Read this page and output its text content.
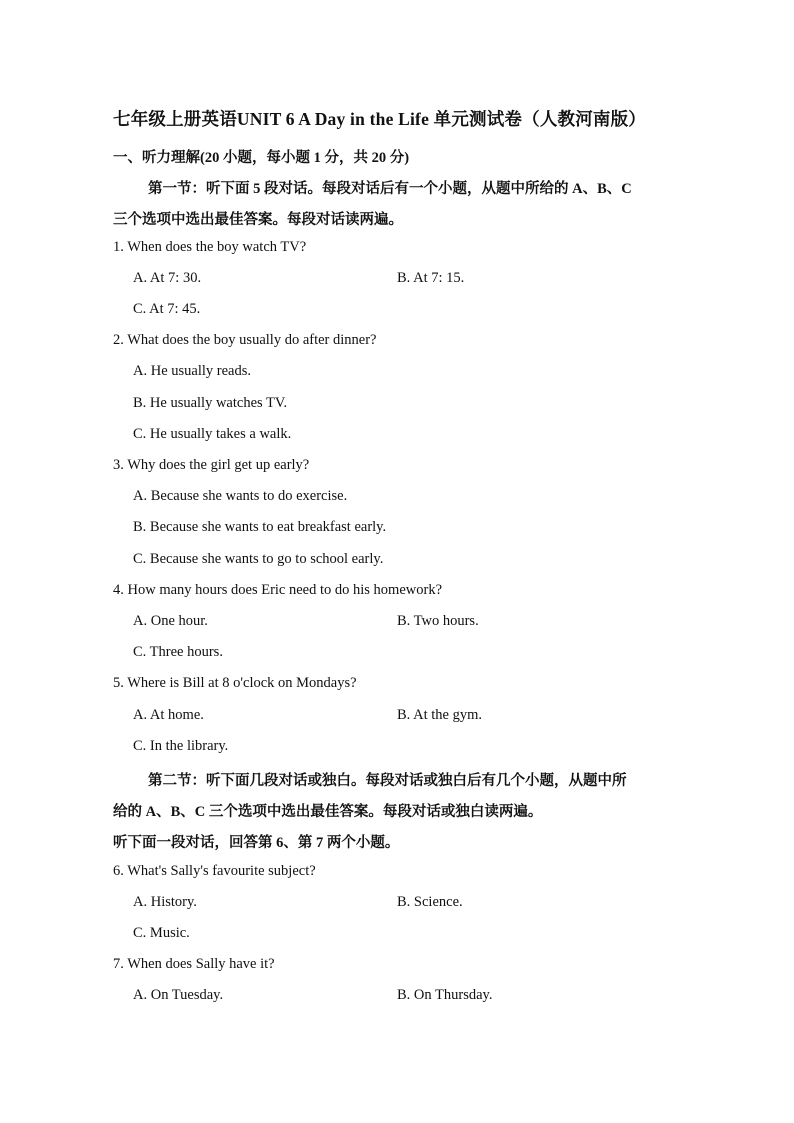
七年级上册英语UNIT 6 A Day in the Life 单元测试卷（人教河南版）
一、听力理解(20 小题，每小题 1 分，共 20 分)
第一节：听下面 5 段对话。每段对话后有一个小题，从题中所给的 A、B、C
三个选项中选出最佳答案。每段对话读两遍。
1. When does the boy watch TV?
A. At 7: 30.	B. At 7: 15.
C. At 7: 45.
2. What does the boy usually do after dinner?
A. He usually reads.
B. He usually watches TV.
C. He usually takes a walk.
3. Why does the girl get up early?
A. Because she wants to do exercise.
B. Because she wants to eat breakfast early.
C. Because she wants to go to school early.
4. How many hours does Eric need to do his homework?
A. One hour.	B. Two hours.
C. Three hours.
5. Where is Bill at 8 o'clock on Mondays?
A. At home.	B. At the gym.
C. In the library.
第二节：听下面几段对话或独白。每段对话或独白后有几个小题，从题中所
给的 A、B、C 三个选项中选出最佳答案。每段对话或独白读两遍。
听下面一段对话，回答第 6、第 7 两个小题。
6. What's Sally's favourite subject?
A. History.	B. Science.
C. Music.
7. When does Sally have it?
A. On Tuesday.	B. On Thursday.
